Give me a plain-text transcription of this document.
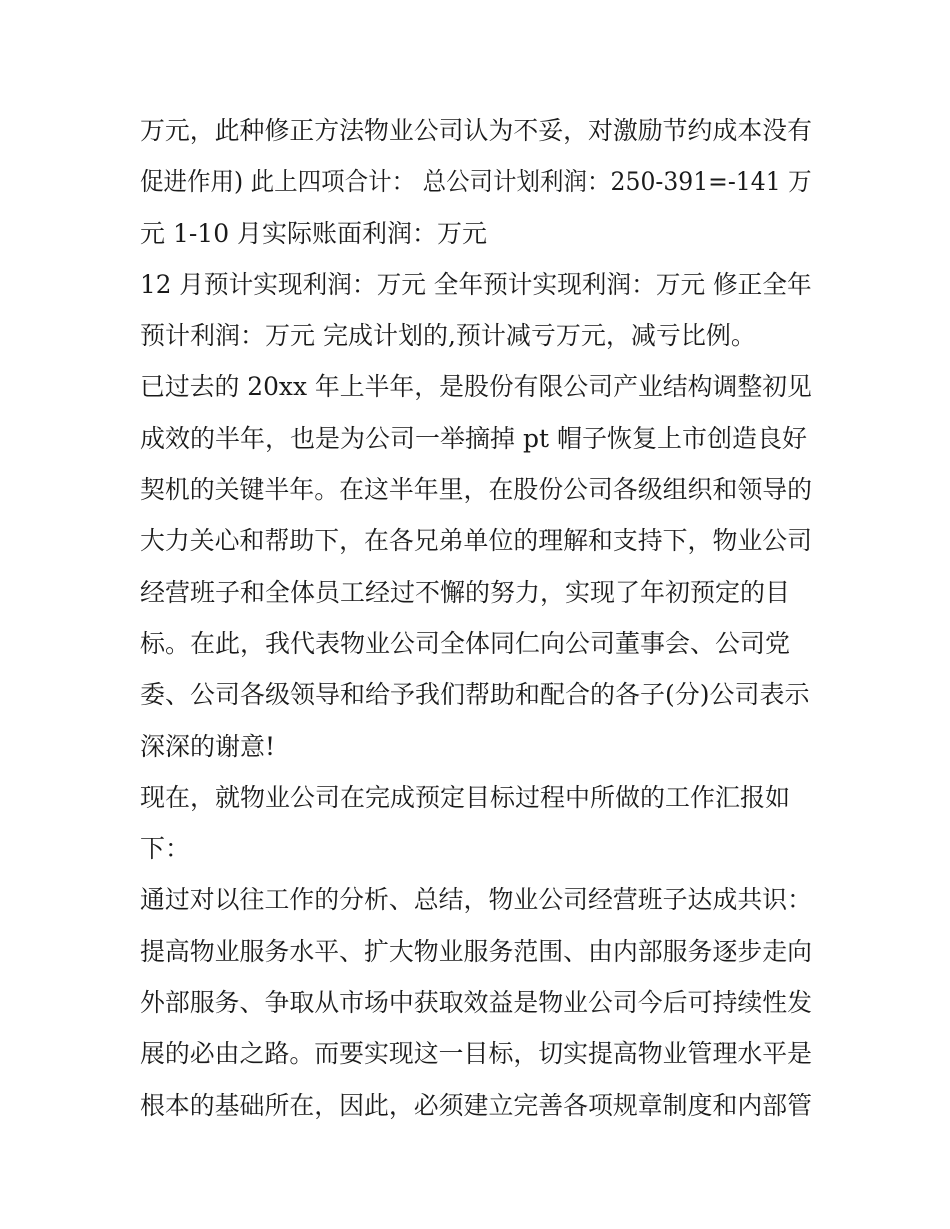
万元，此种修正方法物业公司认为不妥，对激励节约成本没有
促进作用) 此上四项合计： 总公司计划利润：250-391=-141 万
元 1-10 月实际账面利润：万元
12 月预计实现利润：万元 全年预计实现利润：万元 修正全年
预计利润：万元 完成计划的,预计减亏万元，减亏比例。
已过去的 20xx 年上半年，是股份有限公司产业结构调整初见
成效的半年，也是为公司一举摘掉 pt 帽子恢复上市创造良好
契机的关键半年。在这半年里，在股份公司各级组织和领导的
大力关心和帮助下，在各兄弟单位的理解和支持下，物业公司
经营班子和全体员工经过不懈的努力，实现了年初预定的目
标。在此，我代表物业公司全体同仁向公司董事会、公司党
委、公司各级领导和给予我们帮助和配合的各子(分)公司表示
深深的谢意!
现在，就物业公司在完成预定目标过程中所做的工作汇报如
下：
通过对以往工作的分析、总结，物业公司经营班子达成共识：
提高物业服务水平、扩大物业服务范围、由内部服务逐步走向
外部服务、争取从市场中获取效益是物业公司今后可持续性发
展的必由之路。而要实现这一目标，切实提高物业管理水平是
根本的基础所在，因此，必须建立完善各项规章制度和内部管
